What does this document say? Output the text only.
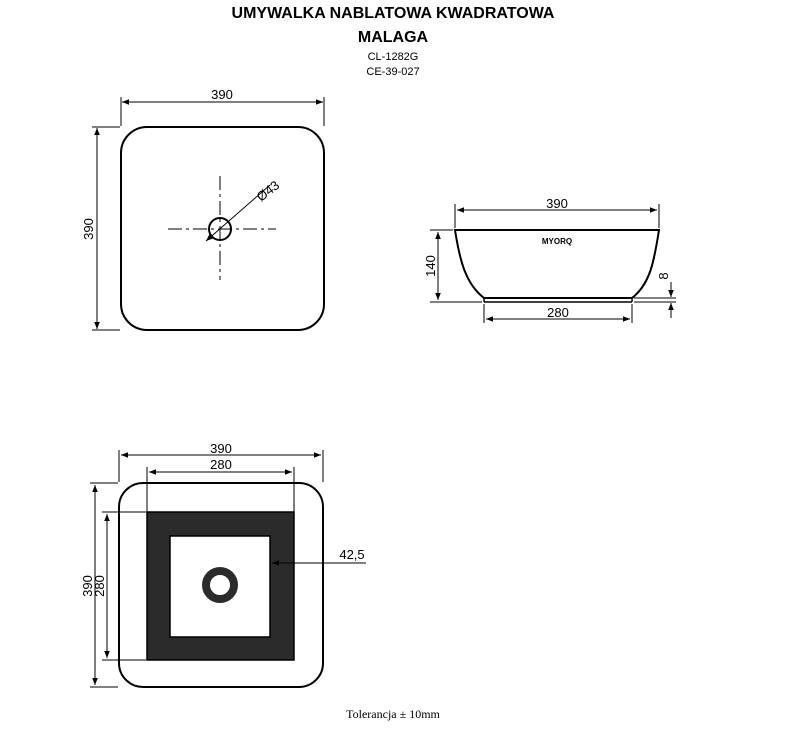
UMYWALKA NABLATOWA KWADRATOWA
MALAGA
CL-1282G
CE-39-027
390
390
Ø43
MYORQ
390
140	8
280
390
280
390
280
42,5
Tolerancja ± 10mm
